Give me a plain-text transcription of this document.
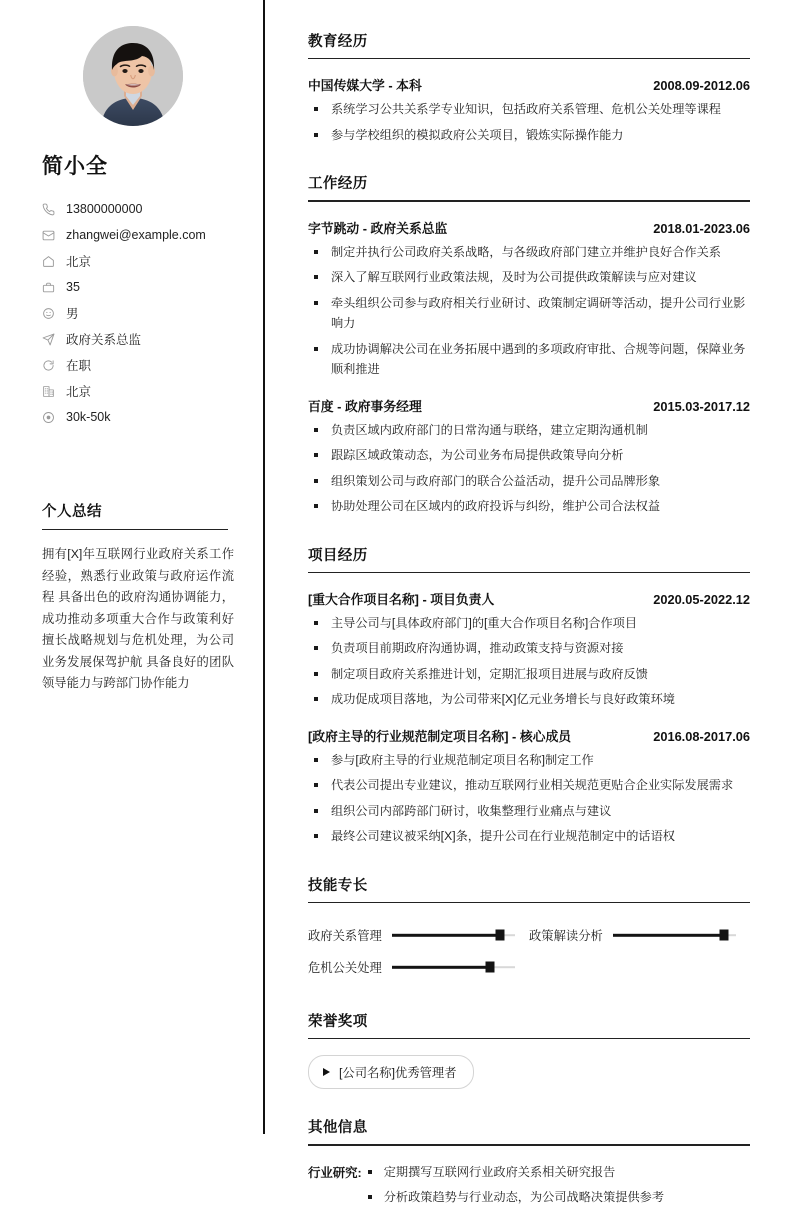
简小全
13800000000
zhangwei@example.com
北京
35
男
政府关系总监
在职
北京
30k-50k
个人总结

拥有[X]年互联网行业政府关系工作经验，熟悉行业政策与政府运作流程 具备出色的政府沟通协调能力，成功推动多项重大合作与政策利好 擅长战略规划与危机处理，为公司业务发展保驾护航 具备良好的团队领导能力与跨部门协作能力

教育经历
中国传媒大学 - 本科	2008.09-2012.06
系统学习公共关系学专业知识，包括政府关系管理、危机公关处理等课程
参与学校组织的模拟政府公关项目，锻炼实际操作能力
工作经历
字节跳动 - 政府关系总监	2018.01-2023.06
制定并执行公司政府关系战略，与各级政府部门建立并维护良好合作关系
深入了解互联网行业政策法规，及时为公司提供政策解读与应对建议
牵头组织公司参与政府相关行业研讨、政策制定调研等活动，提升公司行业影响力
成功协调解决公司在业务拓展中遇到的多项政府审批、合规等问题，保障业务顺利推进
百度 - 政府事务经理	2015.03-2017.12
负责区域内政府部门的日常沟通与联络，建立定期沟通机制
跟踪区域政策动态，为公司业务布局提供政策导向分析
组织策划公司与政府部门的联合公益活动，提升公司品牌形象
协助处理公司在区域内的政府投诉与纠纷，维护公司合法权益
项目经历
[重大合作项目名称] - 项目负责人	2020.05-2022.12
主导公司与[具体政府部门]的[重大合作项目名称]合作项目
负责项目前期政府沟通协调，推动政策支持与资源对接
制定项目政府关系推进计划，定期汇报项目进展与政府反馈
成功促成项目落地，为公司带来[X]亿元业务增长与良好政策环境
[政府主导的行业规范制定项目名称] - 核心成员	2016.08-2017.06
参与[政府主导的行业规范制定项目名称]制定工作
代表公司提出专业建议，推动互联网行业相关规范更贴合企业实际发展需求
组织公司内部跨部门研讨，收集整理行业痛点与建议
最终公司建议被采纳[X]条，提升公司在行业规范制定中的话语权
技能专长
政府关系管理	政策解读分析
危机公关处理
荣誉奖项
[公司名称]优秀管理者
其他信息
行业研究:	定期撰写互联网行业政府关系相关研究报告
分析政策趋势与行业动态，为公司战略决策提供参考
